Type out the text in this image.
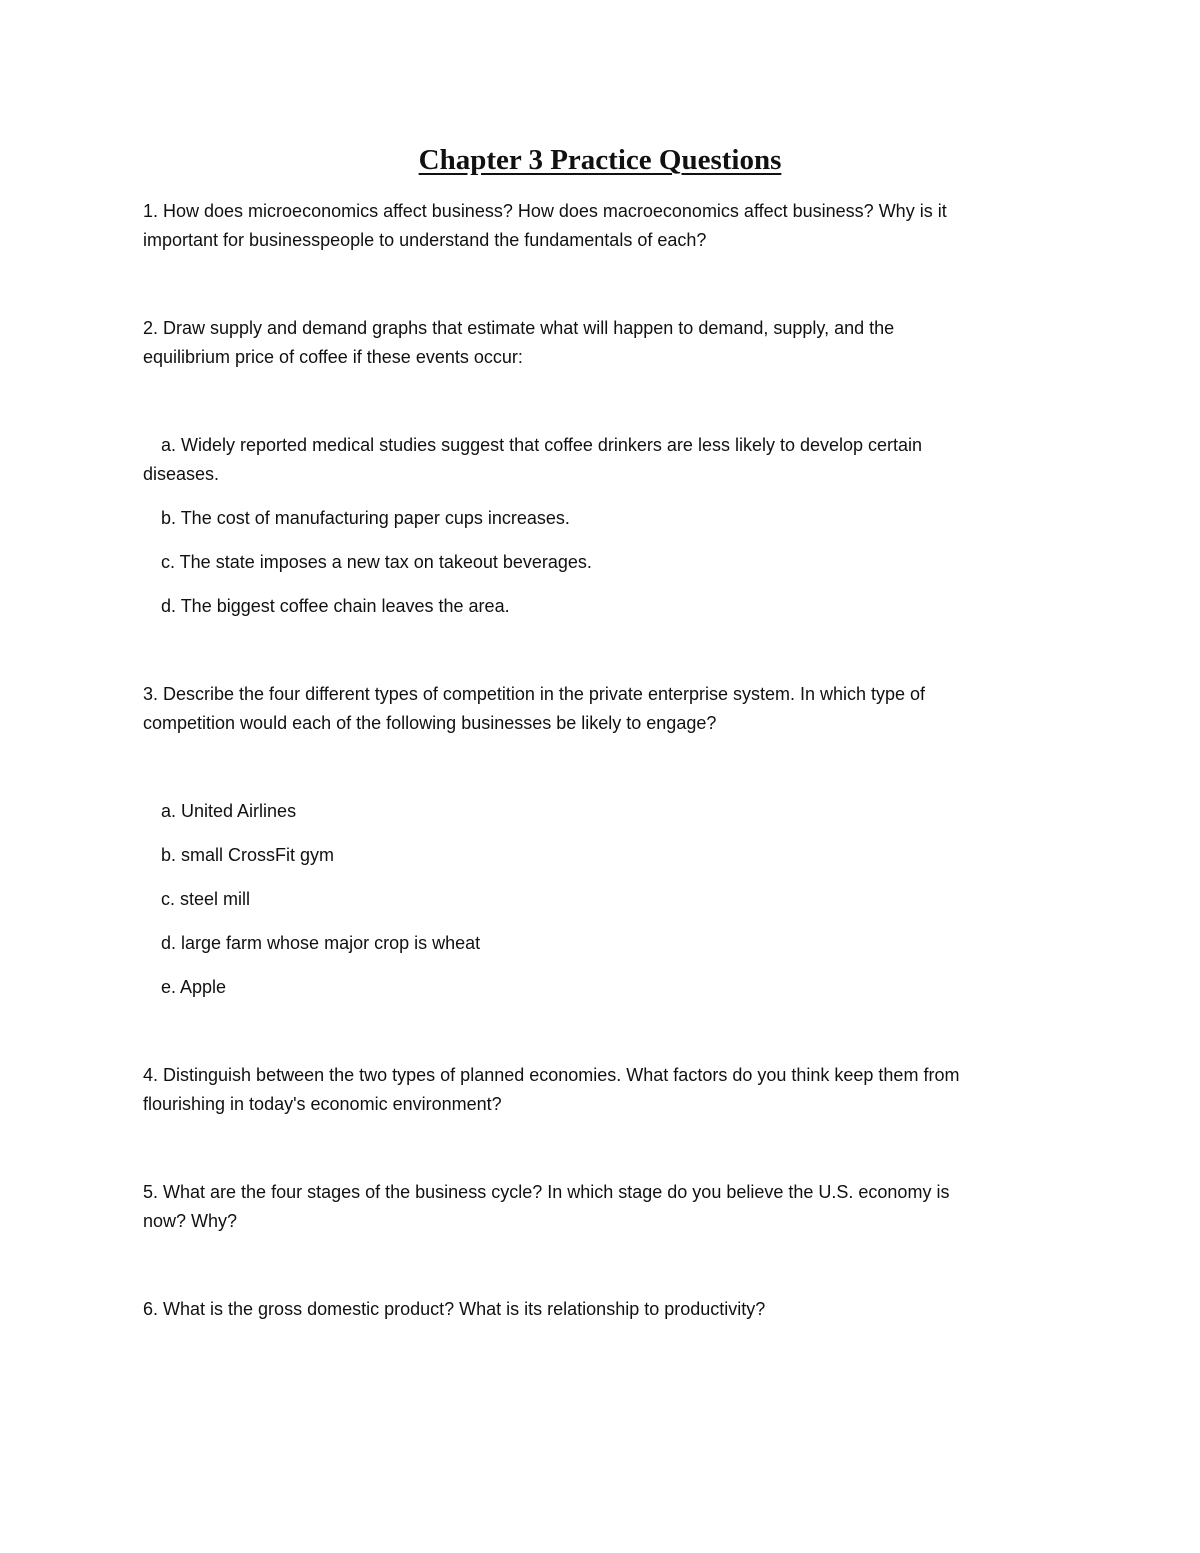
Chapter 3 Practice Questions

1. How does microeconomics affect business? How does macroeconomics affect business? Why is it

important for businesspeople to understand the fundamentals of each?

2. Draw supply and demand graphs that estimate what will happen to demand, supply, and the

equilibrium price of coffee if these events occur:

a. Widely reported medical studies suggest that coffee drinkers are less likely to develop certain

diseases.

b. The cost of manufacturing paper cups increases.

c. The state imposes a new tax on takeout beverages.

d. The biggest coffee chain leaves the area.

3. Describe the four different types of competition in the private enterprise system. In which type of

competition would each of the following businesses be likely to engage?

a. United Airlines

b. small CrossFit gym

c. steel mill

d. large farm whose major crop is wheat

e. Apple

4. Distinguish between the two types of planned economies. What factors do you think keep them from

flourishing in today's economic environment?

5. What are the four stages of the business cycle? In which stage do you believe the U.S. economy is

now? Why?

6. What is the gross domestic product? What is its relationship to productivity?
